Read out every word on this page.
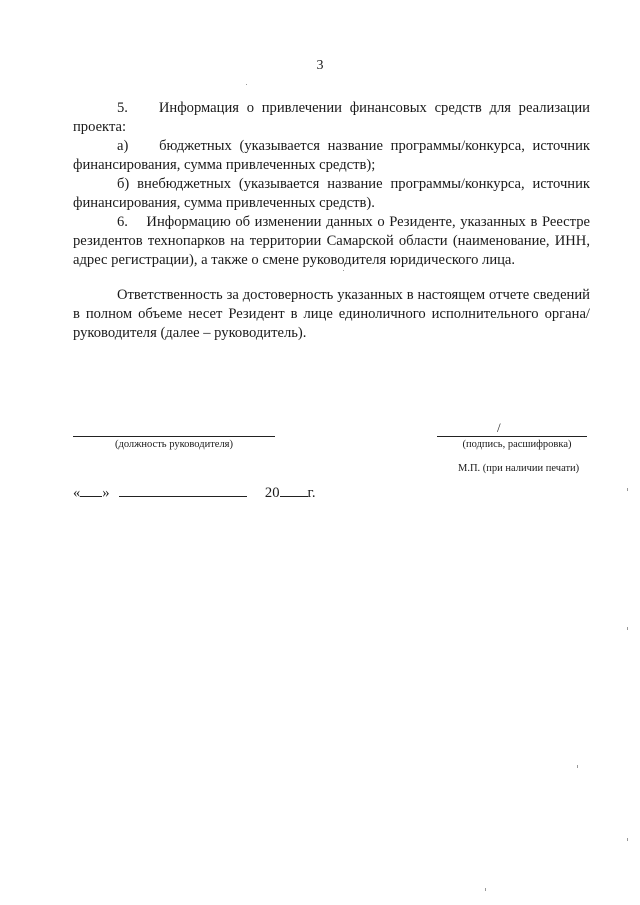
3

5.    Информация о привлечении финансовых средств для реализации проекта:

а)    бюджетных (указывается название программы/конкурса, источник финансирования, сумма привлеченных средств);

б) внебюджетных (указывается название программы/конкурса, источник финансирования, сумма привлеченных средств).

6.    Информацию об изменении данных о Резиденте, указанных в Реестре резидентов технопарков на территории Самарской области (наименование, ИНН, адрес регистрации), а также о смене руководителя юридического лица.

Ответственность за достоверность указанных в настоящем отчете сведений в полном объеме несет Резидент в лице единоличного исполнительного органа/руководителя (далее – руководитель).

(должность руководителя)
/
(подпись, расшифровка)
М.П. (при наличии печати)
« »	20 г.
